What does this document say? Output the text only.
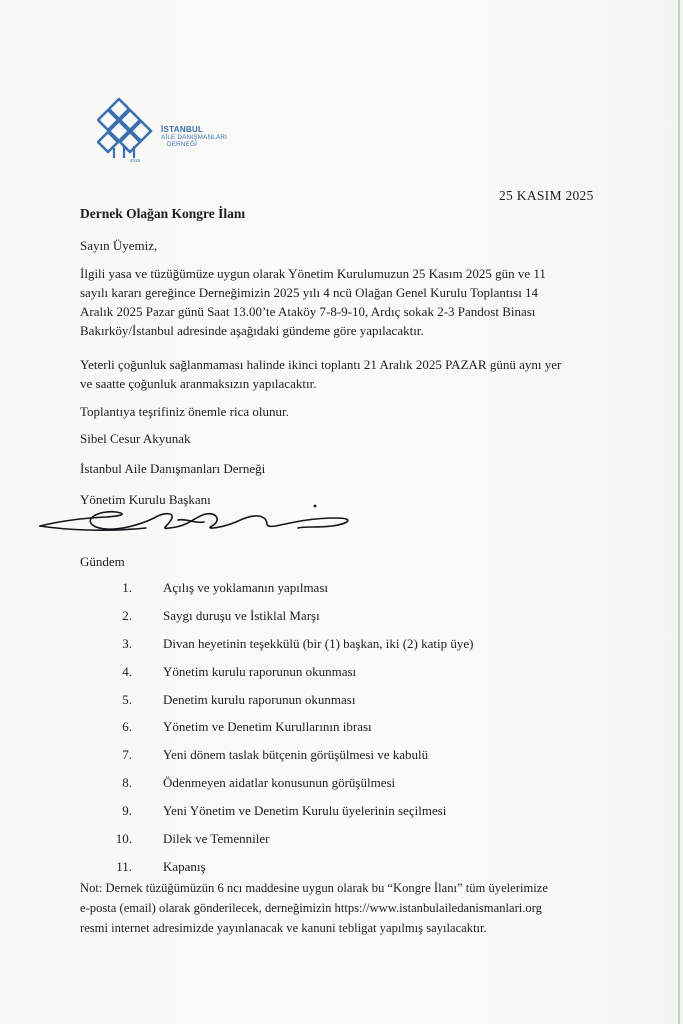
İSTANBUL
AİLE DANIŞMANLARI
DERNEĞİ
2016
25 KASIM 2025
Dernek Olağan Kongre İlanı
Sayın Üyemiz,
İlgili yasa ve tüzüğümüze uygun olarak Yönetim Kurulumuzun 25 Kasım 2025 gün ve 11
sayılı kararı gereğince Derneğimizin 2025 yılı 4 ncü Olağan Genel Kurulu Toplantısı 14
Aralık 2025 Pazar günü Saat 13.00’te Ataköy 7-8-9-10, Ardıç sokak 2-3 Pandost Binası
Bakırköy/İstanbul adresinde aşağıdaki gündeme göre yapılacaktır.
Yeterli çoğunluk sağlanmaması halinde ikinci toplantı 21 Aralık 2025 PAZAR günü aynı yer
ve saatte çoğunluk aranmaksızın yapılacaktır.
Toplantıya teşrifiniz önemle rica olunur.
Sibel Cesur Akyunak
İstanbul Aile Danışmanları Derneği
Yönetim Kurulu Başkanı
Gündem
1. Açılış ve yoklamanın yapılması
2. Saygı duruşu ve İstiklal Marşı
3. Divan heyetinin teşekkülü (bir (1) başkan, iki (2) katip üye)
4. Yönetim kurulu raporunun okunması
5. Denetim kurulu raporunun okunması
6. Yönetim ve Denetim Kurullarının ibrası
7. Yeni dönem taslak bütçenin görüşülmesi ve kabulü
8. Ödenmeyen aidatlar konusunun görüşülmesi
9. Yeni Yönetim ve Denetim Kurulu üyelerinin seçilmesi
10. Dilek ve Temenniler
11. Kapanış
Not: Dernek tüzüğümüzün 6 ncı maddesine uygun olarak bu “Kongre İlanı” tüm üyelerimize
e-posta (email) olarak gönderilecek, derneğimizin https://www.istanbulailedanismanlari.org
resmi internet adresimizde yayınlanacak ve kanuni tebligat yapılmış sayılacaktır.
